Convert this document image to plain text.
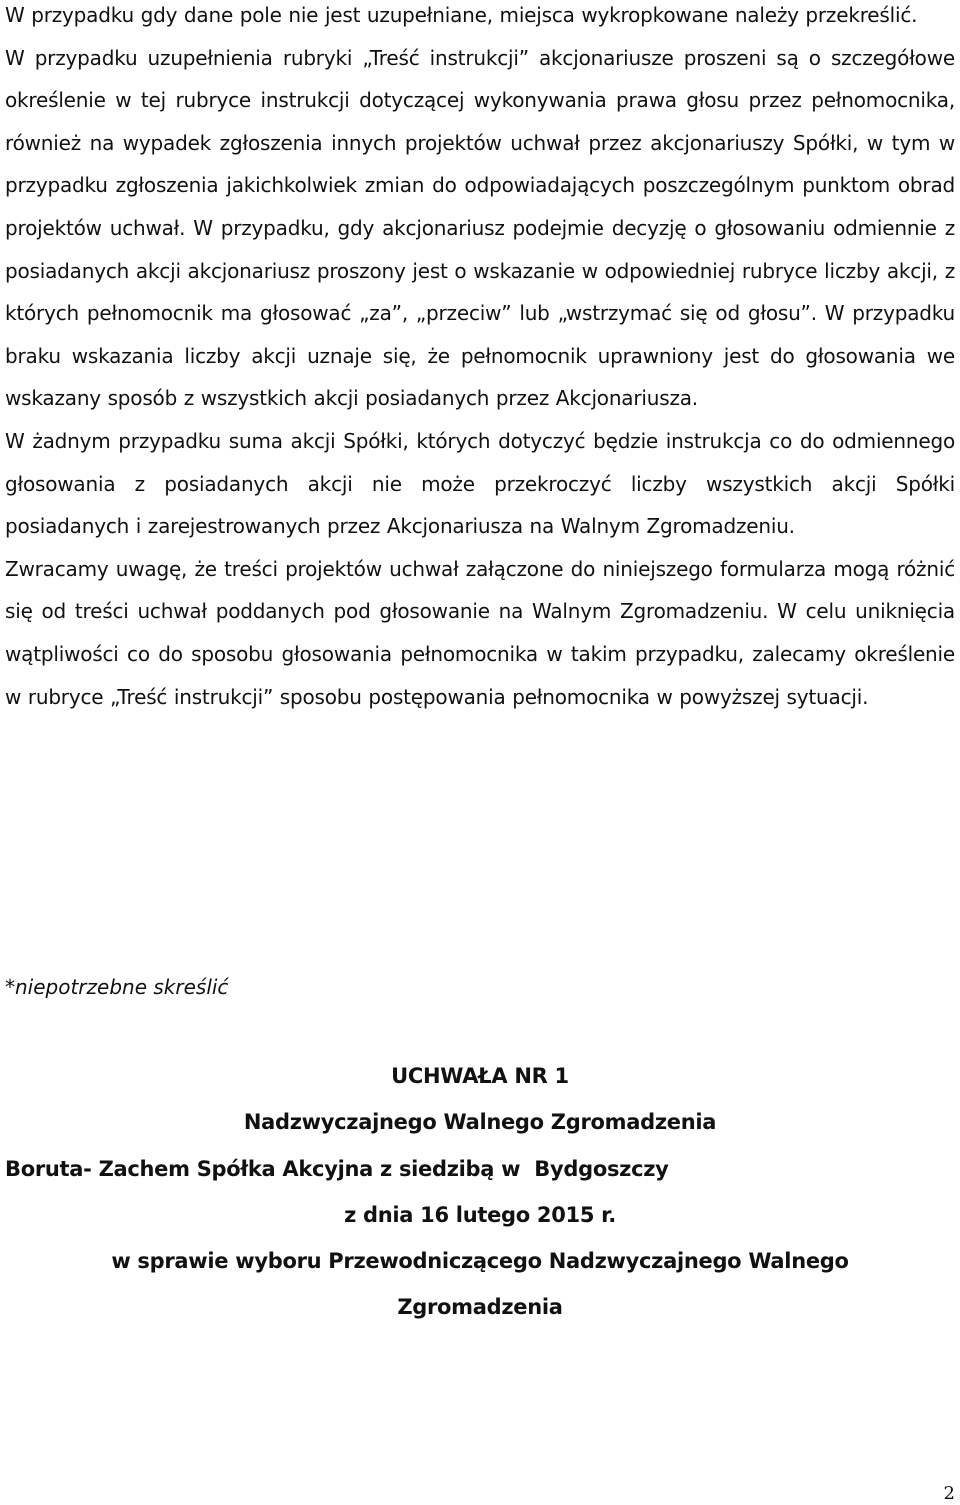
W przypadku gdy dane pole nie jest uzupełniane, miejsca wykropkowane należy przekreślić.

W przypadku uzupełnienia rubryki „Treść instrukcji” akcjonariusze proszeni są o szczegółowe określenie w tej rubryce instrukcji dotyczącej wykonywania prawa głosu przez pełnomocnika, również na wypadek zgłoszenia innych projektów uchwał przez akcjonariuszy Spółki, w tym w przypadku zgłoszenia jakichkolwiek zmian do odpowiadających poszczególnym punktom obrad projektów uchwał. W przypadku, gdy akcjonariusz podejmie decyzję o głosowaniu odmiennie z posiadanych akcji akcjonariusz proszony jest o wskazanie w odpowiedniej rubryce liczby akcji, z których pełnomocnik ma głosować „za”, „przeciw” lub „wstrzymać się od głosu”. W przypadku braku wskazania liczby akcji uznaje się, że pełnomocnik uprawniony jest do głosowania we wskazany sposób z wszystkich akcji posiadanych przez Akcjonariusza.

W żadnym przypadku suma akcji Spółki, których dotyczyć będzie instrukcja co do odmiennego głosowania z posiadanych akcji nie może przekroczyć liczby wszystkich akcji Spółki posiadanych i zarejestrowanych przez Akcjonariusza na Walnym Zgromadzeniu.

Zwracamy uwagę, że treści projektów uchwał załączone do niniejszego formularza mogą różnić się od treści uchwał poddanych pod głosowanie na Walnym Zgromadzeniu. W celu uniknięcia wątpliwości co do sposobu głosowania pełnomocnika w takim przypadku, zalecamy określenie w rubryce „Treść instrukcji” sposobu postępowania pełnomocnika w powyższej sytuacji.

*niepotrzebne skreślić

UCHWAŁA NR 1

Nadzwyczajnego Walnego Zgromadzenia

Boruta- Zachem Spółka Akcyjna z siedzibą w  Bydgoszczy

z dnia 16 lutego 2015 r.

w sprawie wyboru Przewodniczącego Nadzwyczajnego Walnego Zgromadzenia

2
